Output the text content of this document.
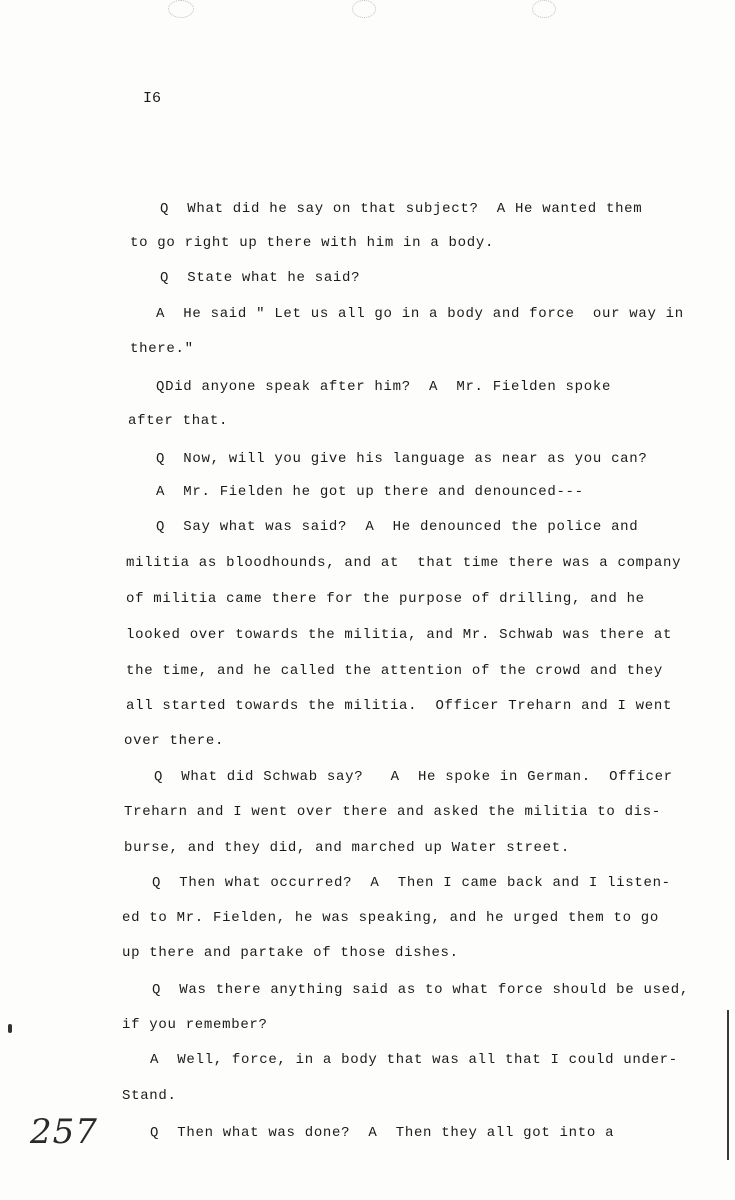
I6
Q  What did he say on that subject?  A He wanted them
to go right up there with him in a body.
Q  State what he said?
A  He said " Let us all go in a body and force  our way in
there."
QDid anyone speak after him?  A  Mr. Fielden spoke
after that.
Q  Now, will you give his language as near as you can?
A  Mr. Fielden he got up there and denounced---
Q  Say what was said?  A  He denounced the police and
militia as bloodhounds, and at  that time there was a company
of militia came there for the purpose of drilling, and he
looked over towards the militia, and Mr. Schwab was there at
the time, and he called the attention of the crowd and they
all started towards the militia.  Officer Treharn and I went
over there.
Q  What did Schwab say?   A  He spoke in German.  Officer
Treharn and I went over there and asked the militia to dis-
burse, and they did, and marched up Water street.
Q  Then what occurred?  A  Then I came back and I listen-
ed to Mr. Fielden, he was speaking, and he urged them to go
up there and partake of those dishes.
Q  Was there anything said as to what force should be used,
if you remember?
A  Well, force, in a body that was all that I could under-
Stand.
Q  Then what was done?  A  Then they all got into a
257
